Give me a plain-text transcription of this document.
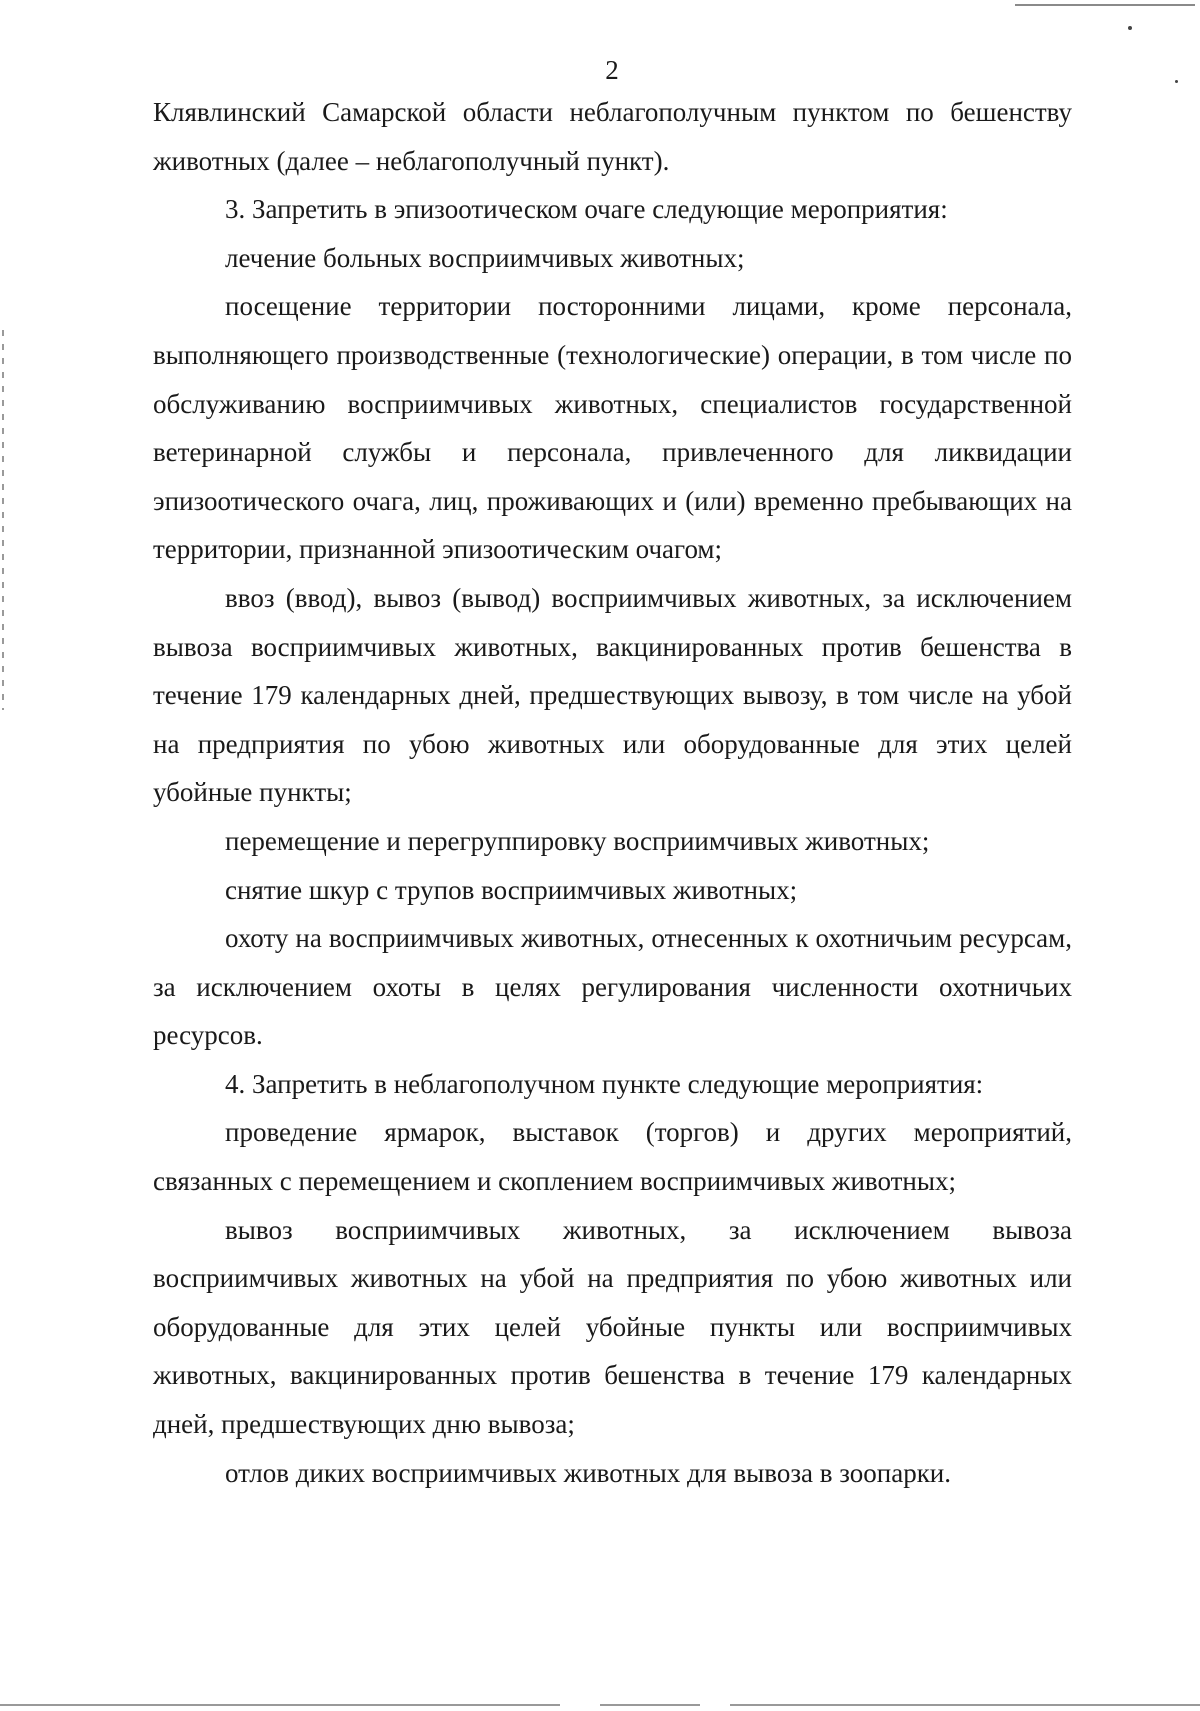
2

Клявлинский Самарской области неблагополучным пунктом по бешенству животных (далее – неблагополучный пункт).

3. Запретить в эпизоотическом очаге следующие мероприятия:

лечение больных восприимчивых животных;

посещение территории посторонними лицами, кроме персонала, выполняющего производственные (технологические) операции, в том числе по обслуживанию восприимчивых животных, специалистов государственной ветеринарной службы и персонала, привлеченного для ликвидации эпизоотического очага, лиц, проживающих и (или) временно пребывающих на территории, признанной эпизоотическим очагом;

ввоз (ввод), вывоз (вывод) восприимчивых животных, за исключением вывоза восприимчивых животных, вакцинированных против бешенства в течение 179 календарных дней, предшествующих вывозу, в том числе на убой на предприятия по убою животных или оборудованные для этих целей убойные пункты;

перемещение и перегруппировку восприимчивых животных;

снятие шкур с трупов восприимчивых животных;

охоту на восприимчивых животных, отнесенных к охотничьим ресурсам, за исключением охоты в целях регулирования численности охотничьих ресурсов.

4. Запретить в неблагополучном пункте следующие мероприятия:

проведение ярмарок, выставок (торгов) и других мероприятий, связанных с перемещением и скоплением восприимчивых животных;

вывоз восприимчивых животных, за исключением вывоза восприимчивых животных на убой на предприятия по убою животных или оборудованные для этих целей убойные пункты или восприимчивых животных, вакцинированных против бешенства в течение 179 календарных дней, предшествующих дню вывоза;

отлов диких восприимчивых животных для вывоза в зоопарки.
